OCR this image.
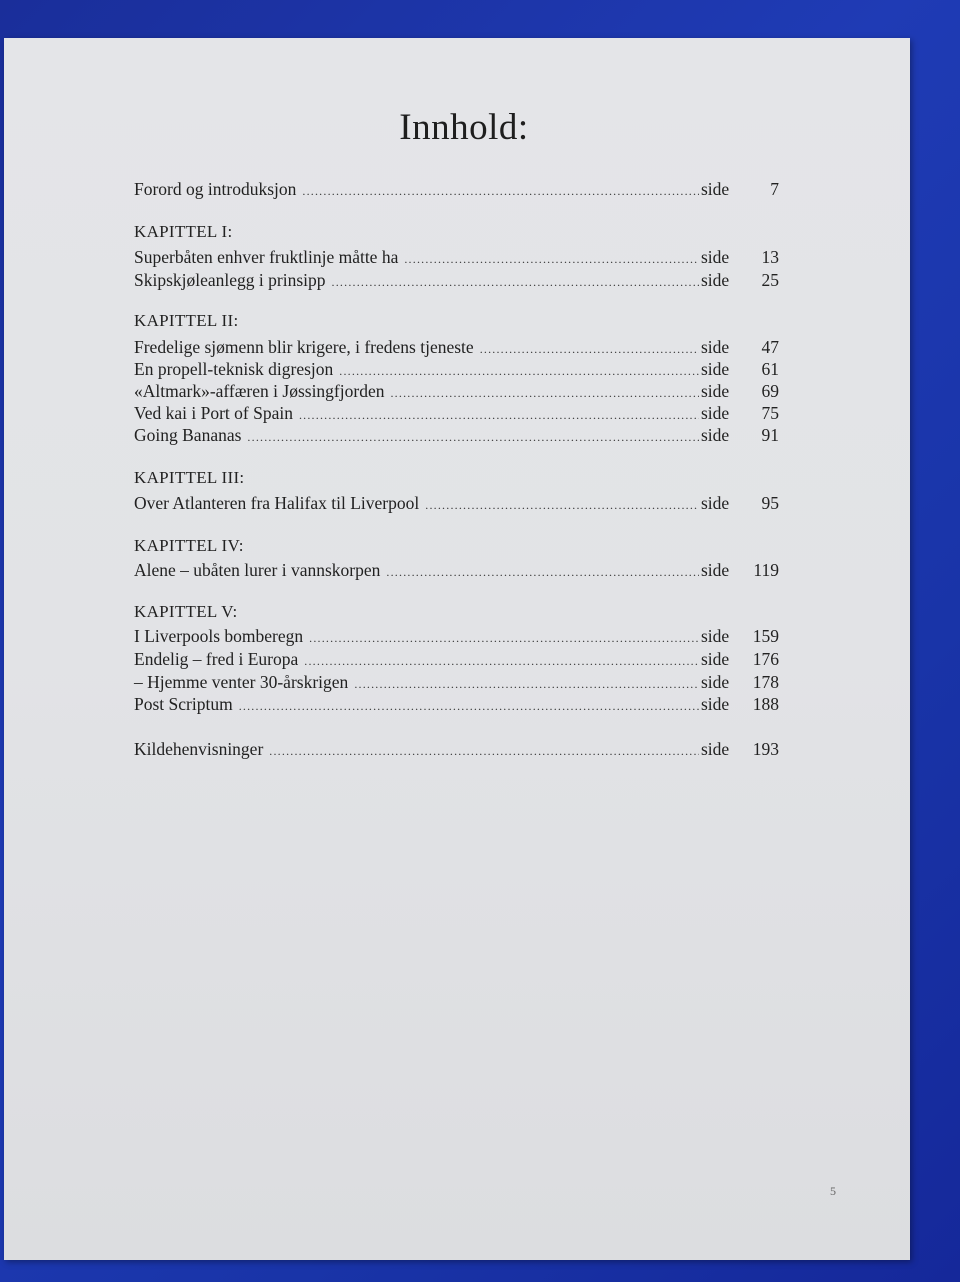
Innhold:
Forord og introduksjon .....	side	7
KAPITTEL I:
Superbåten enhver fruktlinje måtte ha .....	side	13
Skipskjøleanlegg i prinsipp .....	side	25
KAPITTEL II:
Fredelige sjømenn blir krigere, i fredens tjeneste .....	side	47
En propell-teknisk digresjon .....	side	61
«Altmark»-affæren i Jøssingfjorden .....	side	69
Ved kai i Port of Spain .....	side	75
Going Bananas .....	side	91
KAPITTEL III:
Over Atlanteren fra Halifax til Liverpool .....	side	95
KAPITTEL IV:
Alene – ubåten lurer i vannskorpen .....	side	119
KAPITTEL V:
I Liverpools bomberegn .....	side	159
Endelig – fred i Europa .....	side	176
– Hjemme venter 30-årskrigen .....	side	178
Post Scriptum .....	side	188
Kildehenvisninger .....	side	193
5
